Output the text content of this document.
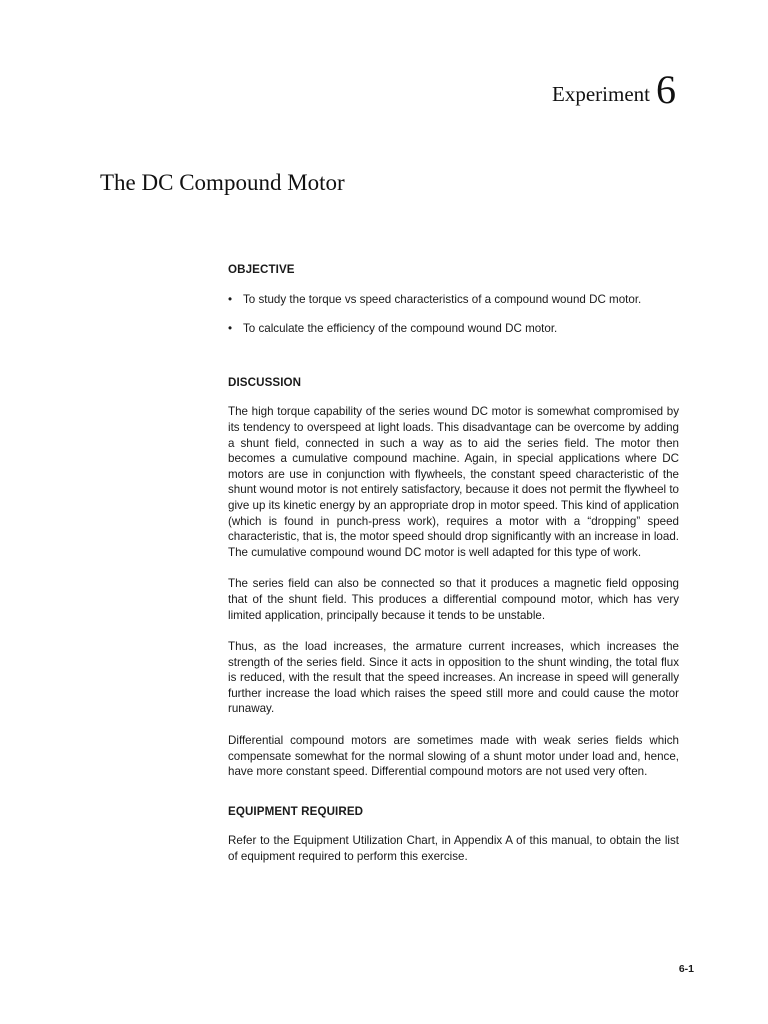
Experiment 6
The DC Compound Motor
OBJECTIVE
• To study the torque vs speed characteristics of a compound wound DC motor.
• To calculate the efficiency of the compound wound DC motor.
DISCUSSION

The high torque capability of the series wound DC motor is somewhat compromised by its tendency to overspeed at light loads. This disadvantage can be overcome by adding a shunt field, connected in such a way as to aid the series field. The motor then becomes a cumulative compound machine. Again, in special applications where DC motors are use in conjunction with flywheels, the constant speed characteristic of the shunt wound motor is not entirely satisfactory, because it does not permit the flywheel to give up its kinetic energy by an appropriate drop in motor speed. This kind of application (which is found in punch-press work), requires a motor with a “dropping” speed characteristic, that is, the motor speed should drop significantly with an increase in load. The cumulative compound wound DC motor is well adapted for this type of work.

The series field can also be connected so that it produces a magnetic field opposing that of the shunt field. This produces a differential compound motor, which has very limited application, principally because it tends to be unstable.

Thus, as the load increases, the armature current increases, which increases the strength of the series field. Since it acts in opposition to the shunt winding, the total flux is reduced, with the result that the speed increases. An increase in speed will generally further increase the load which raises the speed still more and could cause the motor runaway.

Differential compound motors are sometimes made with weak series fields which compensate somewhat for the normal slowing of a shunt motor under load and, hence, have more constant speed. Differential compound motors are not used very often.

EQUIPMENT REQUIRED

Refer to the Equipment Utilization Chart, in Appendix A of this manual, to obtain the list of equipment required to perform this exercise.

6-1
